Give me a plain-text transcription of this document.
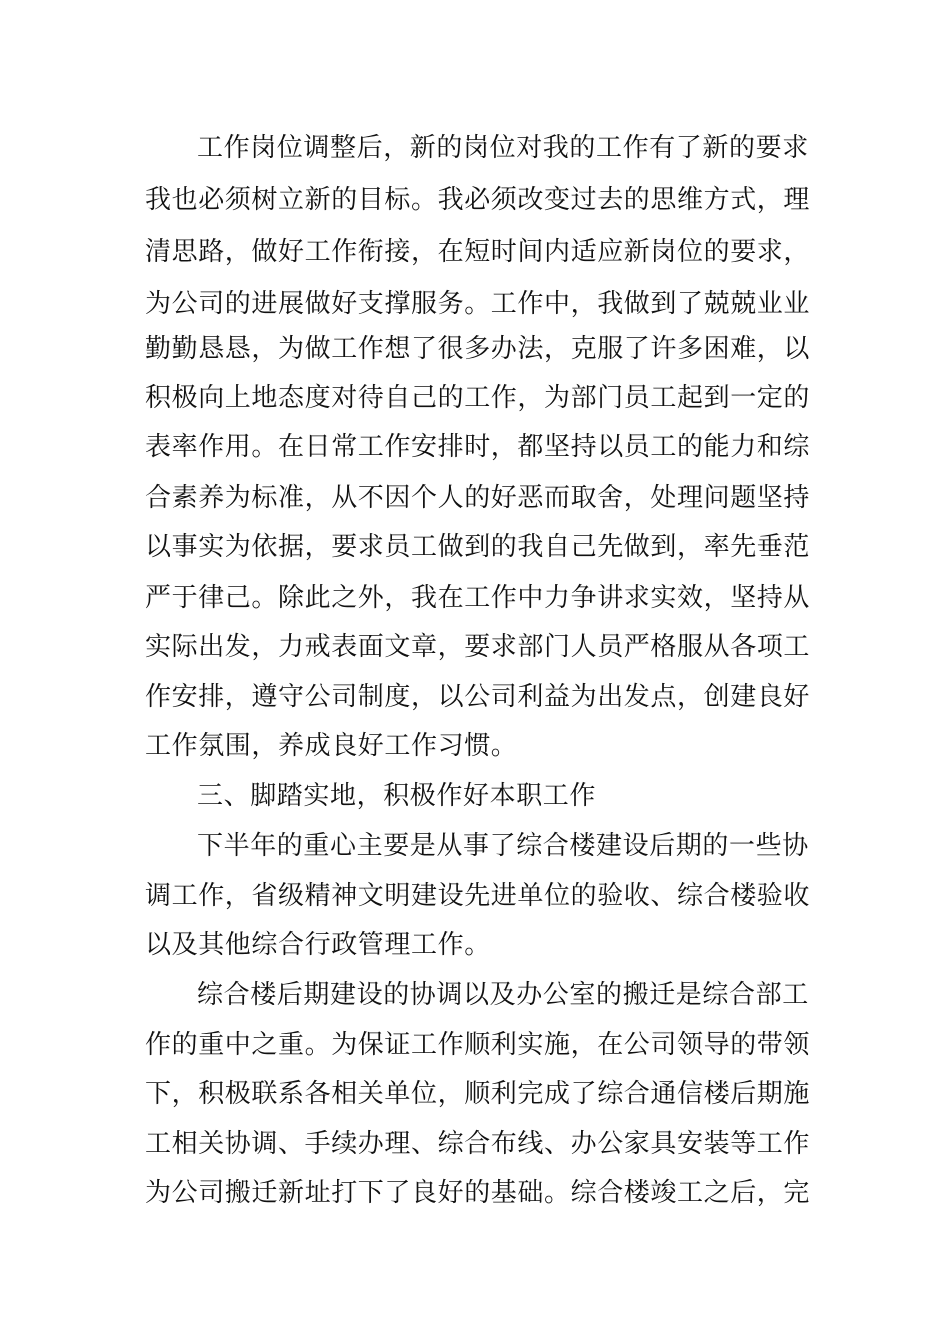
工作岗位调整后，新的岗位对我的工作有了新的要求
我也必须树立新的目标。我必须改变过去的思维方式，理
清思路，做好工作衔接，在短时间内适应新岗位的要求，
为公司的进展做好支撑服务。工作中，我做到了兢兢业业
勤勤恳恳，为做工作想了很多办法，克服了许多困难，以
积极向上地态度对待自己的工作，为部门员工起到一定的
表率作用。在日常工作安排时，都坚持以员工的能力和综
合素养为标准，从不因个人的好恶而取舍，处理问题坚持
以事实为依据，要求员工做到的我自己先做到，率先垂范
严于律己。除此之外，我在工作中力争讲求实效，坚持从
实际出发，力戒表面文章，要求部门人员严格服从各项工
作安排，遵守公司制度，以公司利益为出发点，创建良好
工作氛围，养成良好工作习惯。
三、脚踏实地，积极作好本职工作
下半年的重心主要是从事了综合楼建设后期的一些协
调工作，省级精神文明建设先进单位的验收、综合楼验收
以及其他综合行政管理工作。
综合楼后期建设的协调以及办公室的搬迁是综合部工
作的重中之重。为保证工作顺利实施，在公司领导的带领
下，积极联系各相关单位，顺利完成了综合通信楼后期施
工相关协调、手续办理、综合布线、办公家具安装等工作
为公司搬迁新址打下了良好的基础。综合楼竣工之后，完
